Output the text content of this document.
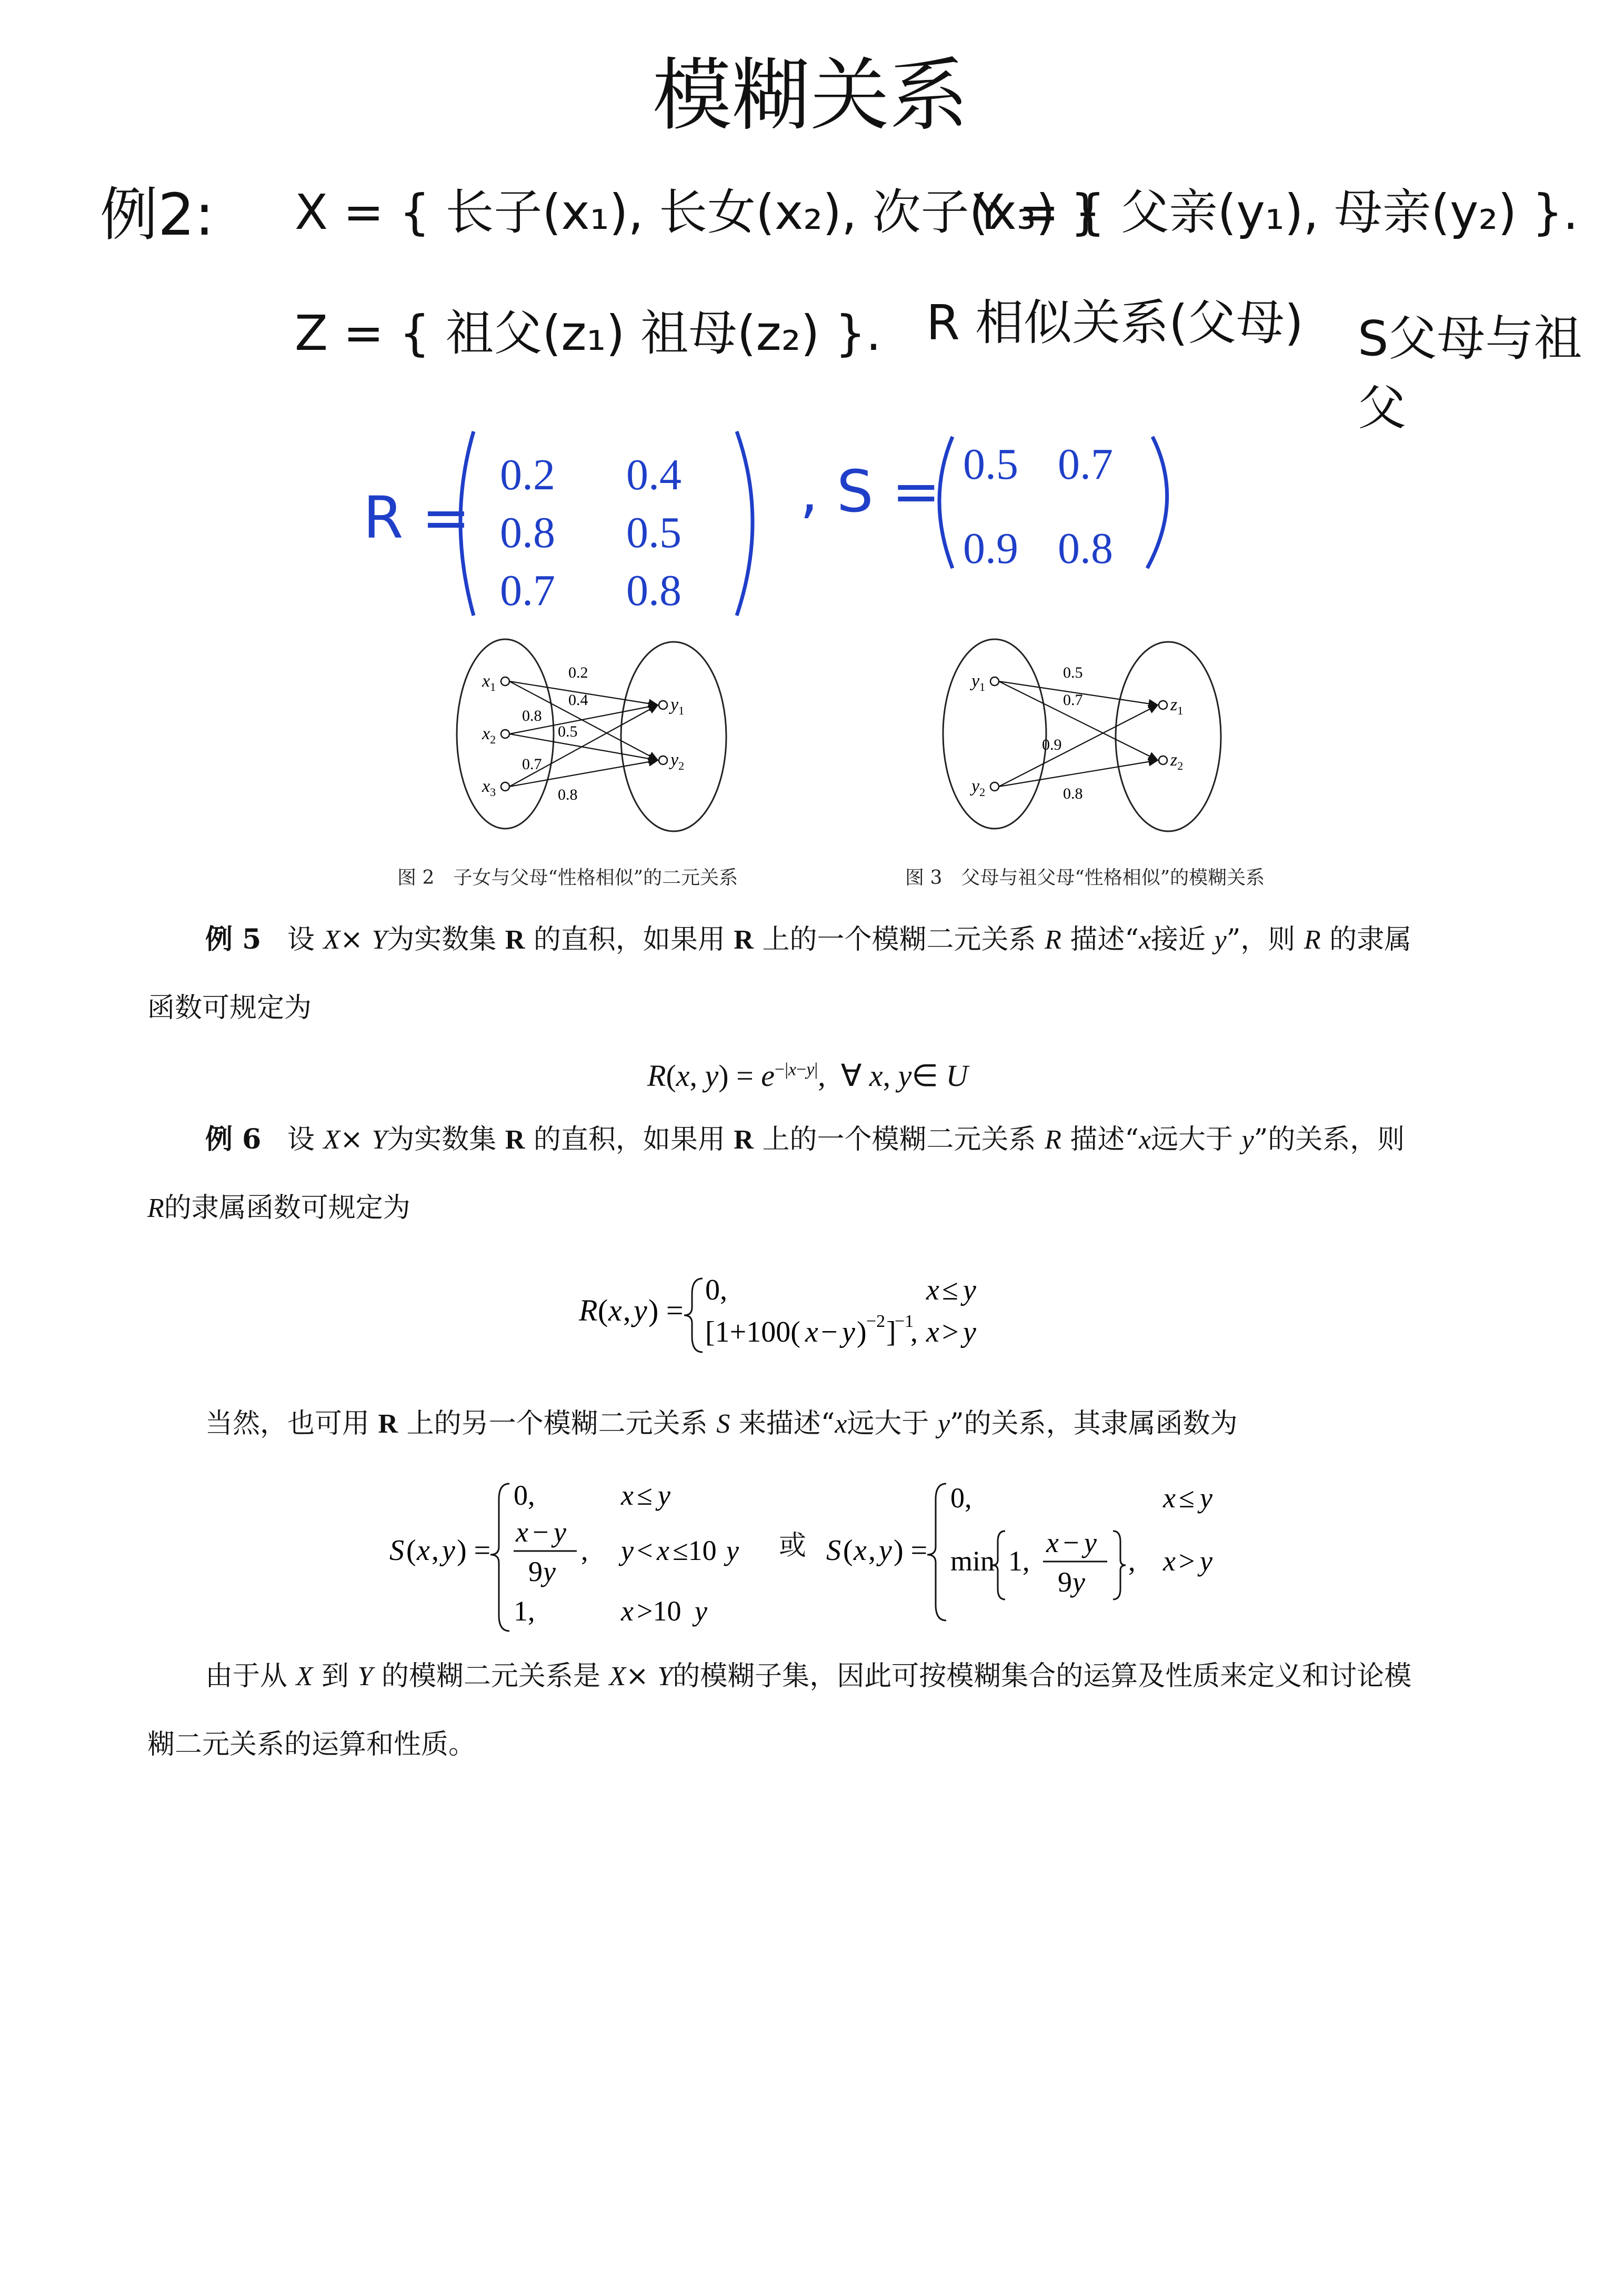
模糊关系
例2: X = { 长子(x₁), 长女(x₂), 次子(x₃) }
Y = { 父亲(y₁), 母亲(y₂) }.
Z = { 祖父(z₁) 祖母(z₂) }. R 相似关系(父母) S父母与祖父
R =
0.2 0.4
0.8 0.5
0.7 0.8
, S = 0.5 0.7
0.9 0.8
0.2
0.4
0.8
0.5
0.7
0.8
$x_1$
$x_2$
$x_3$
$y_1$
$y_2$
0.5
0.7
0.9
0.8
$y_1$
$y_2$
$z_1$
$z_2$
图 2　子女与父母“性格相似”的二元关系	图 3　父母与祖父母“性格相似”的模糊关系
例 5 设 X× Y为实数集 R 的直积，如果用 R 上的一个模糊二元关系 R 描述“x接近 y”，则 R 的隶属
函数可规定为
R(x, $y) = e^{-|x-y|}$,  ∀ x, y∈ U
例 6 设 X× Y为实数集 R 的直积，如果用 R 上的一个模糊二元关系 R 描述“x远大于 y”的关系，则
R的隶属函数可规定为
R ( x , y ) =
0,	x ≤ y
[1+100( x − y ) −2 ]
−1
, x > y
当然，也可用 R 上的另一个模糊二元关系 S 来描述“x远大于 y”的关系，其隶属函数为
S ( x , y ) =
0,	x ≤ y
x − y
9 y
, y < x ≤10 y
1,	x >10 y
或 S ( x , y ) =
0,	x ≤ y
min 1,
x − y
9 y
, x > y
由于从 X 到 Y 的模糊二元关系是 X× Y的模糊子集，因此可按模糊集合的运算及性质来定义和讨论模
糊二元关系的运算和性质。
